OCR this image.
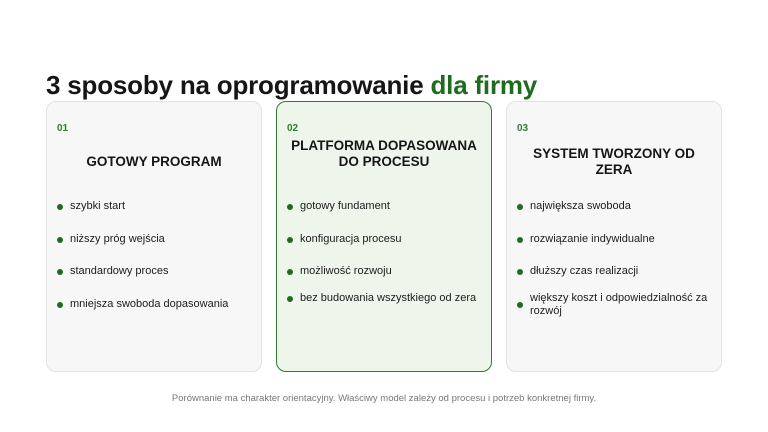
3 sposoby na oprogramowanie dla firmy
01
GOTOWY PROGRAM
szybki start
niższy próg wejścia
standardowy proces
mniejsza swoboda dopasowania
02
PLATFORMA DOPASOWANA DO PROCESU
gotowy fundament
konfiguracja procesu
możliwość rozwoju
bez budowania wszystkiego od zera
03
SYSTEM TWORZONY OD ZERA
największa swoboda
rozwiązanie indywidualne
dłuższy czas realizacji
większy koszt i odpowiedzialność za rozwój
Porównanie ma charakter orientacyjny. Właściwy model zależy od procesu i potrzeb konkretnej firmy.
